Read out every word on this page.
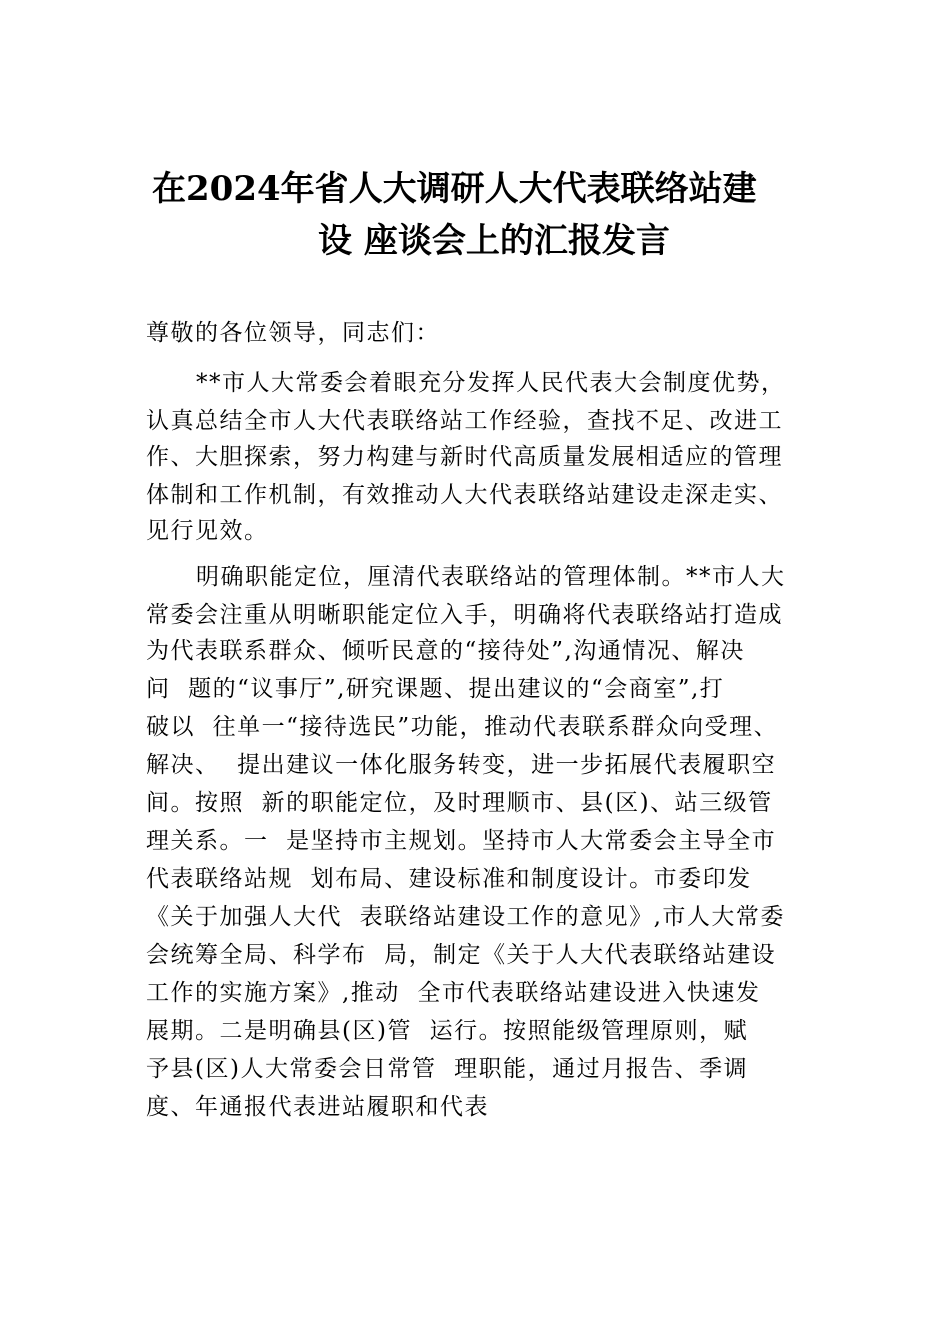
在2024年省人大调研人大代表联络站建
设 座谈会上的汇报发言
尊敬的各位领导，同志们：
**市人大常委会着眼充分发挥人民代表大会制度优势，
认真总结全市人大代表联络站工作经验，查找不足、改进工
作、大胆探索，努力构建与新时代高质量发展相适应的管理
体制和工作机制，有效推动人大代表联络站建设走深走实、
见行见效。
明确职能定位，厘清代表联络站的管理体制。**市人大
常委会注重从明晰职能定位入手，明确将代表联络站打造成
为代表联系群众、倾听民意的“接待处”,沟通情况、解决
问  题的“议事厅”,研究课题、提出建议的“会商室”,打
破以  往单一“接待选民”功能，推动代表联系群众向受理、
解决、  提出建议一体化服务转变，进一步拓展代表履职空
间。按照  新的职能定位，及时理顺市、县(区)、站三级管
理关系。一  是坚持市主规划。坚持市人大常委会主导全市
代表联络站规  划布局、建设标准和制度设计。市委印发
《关于加强人大代  表联络站建设工作的意见》,市人大常委
会统筹全局、科学布  局，制定《关于人大代表联络站建设
工作的实施方案》,推动  全市代表联络站建设进入快速发
展期。二是明确县(区)管  运行。按照能级管理原则，赋
予县(区)人大常委会日常管  理职能，通过月报告、季调
度、年通报代表进站履职和代表
